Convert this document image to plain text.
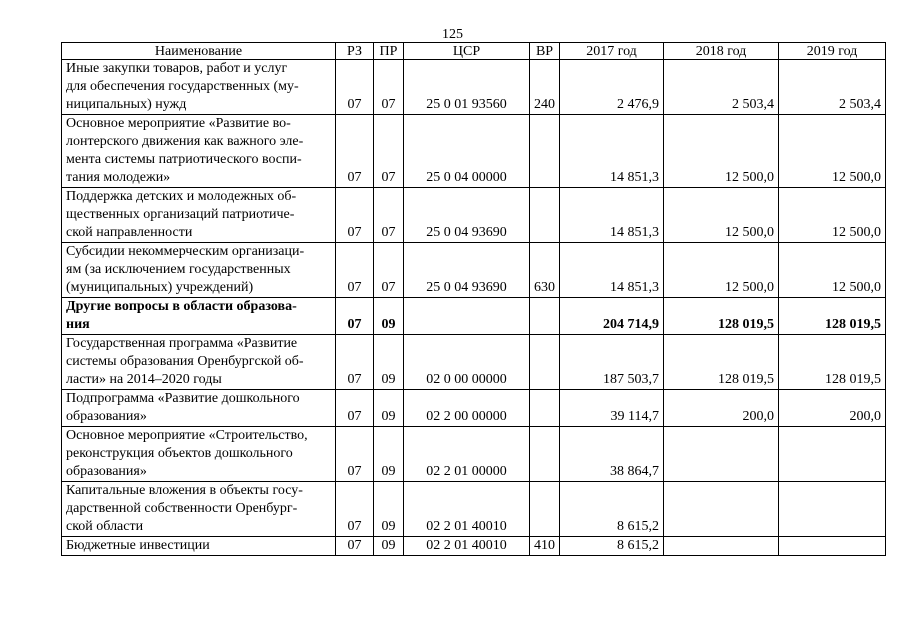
125
Наименование	РЗ	ПР	ЦСР	ВР	2017 год	2018 год	2019 год

Иные закупки товаров, работ и услуг
для обеспечения государственных (му-
ниципальных) нужд	07	07	25 0 01 93560	240	2 476,9	2 503,4	2 503,4

Основное мероприятие «Развитие во-
лонтерского движения как важного эле-
мента системы патриотического воспи-
тания молодежи»	07	07	25 0 04 00000		14 851,3	12 500,0	12 500,0

Поддержка детских и молодежных об-
щественных организаций патриотиче-
ской направленности	07	07	25 0 04 93690		14 851,3	12 500,0	12 500,0

Субсидии некоммерческим организаци-
ям (за исключением государственных
(муниципальных) учреждений)	07	07	25 0 04 93690	630	14 851,3	12 500,0	12 500,0

Другие вопросы в области образова-
ния	07	09			204 714,9	128 019,5	128 019,5

Государственная программа «Развитие
системы образования Оренбургской об-
ласти» на 2014–2020 годы	07	09	02 0 00 00000		187 503,7	128 019,5	128 019,5

Подпрограмма «Развитие дошкольного
образования»	07	09	02 2 00 00000		39 114,7	200,0	200,0

Основное мероприятие «Строительство,
реконструкция объектов дошкольного
образования»	07	09	02 2 01 00000		38 864,7		

Капитальные вложения в объекты госу-
дарственной собственности Оренбург-
ской области	07	09	02 2 01 40010		8 615,2		

Бюджетные инвестиции	07	09	02 2 01 40010	410	8 615,2		
